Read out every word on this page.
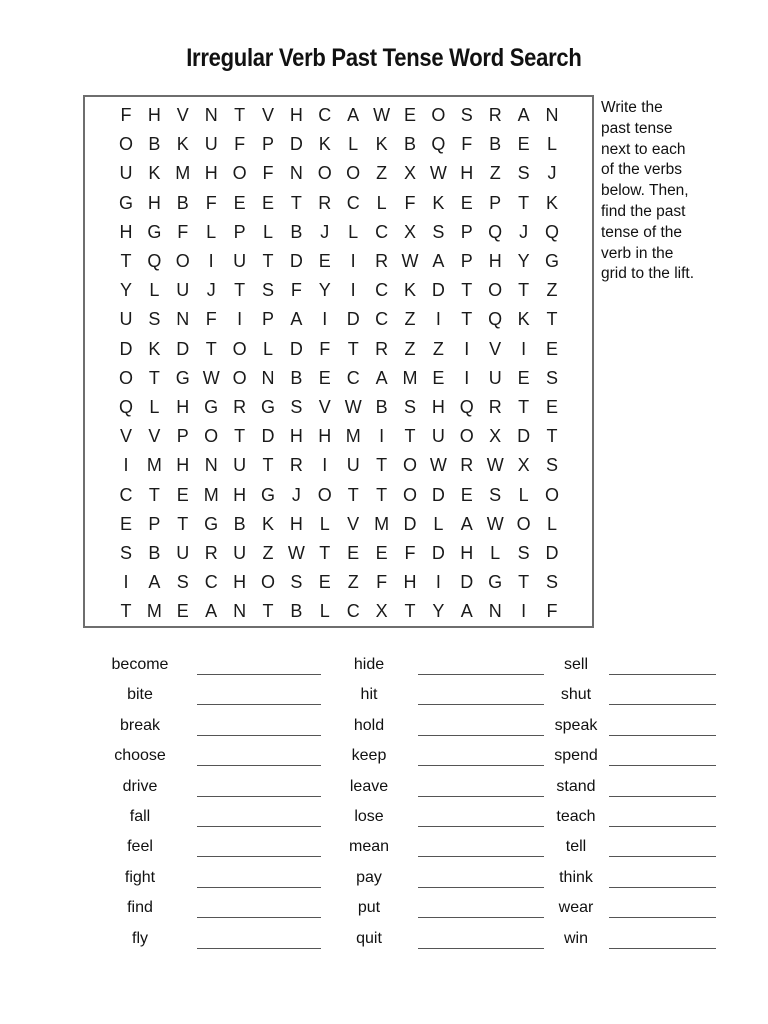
Irregular Verb Past Tense Word Search
F H V N T V H C A W E O S R A N
O B K U F P D K L K B Q F B E L
U K M H O F N O O Z X W H Z S J
G H B F E E T R C L F K E P T K
H G F L P L B J	L C X S P Q J Q
T Q O	I	U T D E	I	R W A P H Y G
Y L U J	T S F Y	I	C K D T O T Z
U S N F	I	P A	I	D C Z	I	T Q K T
D K D T O L D F T R Z Z	I	V	I	E
O T G W O N B E C A M E	I	U E S
Q L H G R G S V W B S H Q R T E
V V P O T D H H M	I	T U O X D T
I	M H N U T R	I	U T O W R W X S
C T E M H G J O T T O D E S L O
E P T G B K H L V M D L A W O L
S B U R U Z W T E E F D H L S D
I	A S C H O S E Z F H	I	D G T S
T M E A N T B L C X T Y A N	I	F
Write the
past tense
next to each
of the verbs
below. Then,
find the past
tense of the
verb in the
grid to the lift.
become
bite
break
choose
drive
fall
feel
fight
find
fly
hide
hit
hold
keep
leave
lose
mean
pay
put
quit
sell
shut
speak
spend
stand
teach
tell
think
wear
win
